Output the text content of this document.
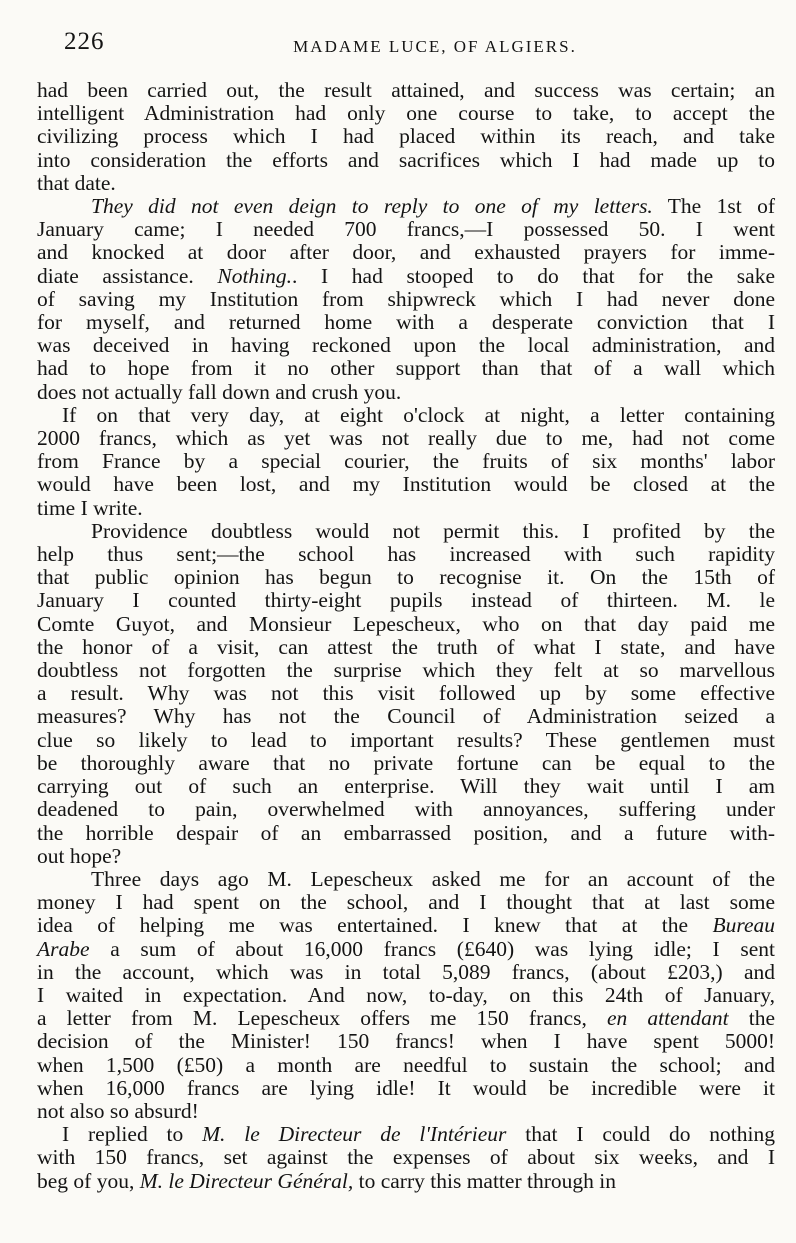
226	MADAME LUCE, OF ALGIERS.

had been carried out, the result attained, and success was certain; an
intelligent Administration had only one course to take, to accept the
civilizing process which I had placed within its reach, and take
into consideration the efforts and sacrifices which I had made up to
that date.

They did not even deign to reply to one of my letters. The 1st of
January came; I needed 700 francs,—I possessed 50. I went
and knocked at door after door, and exhausted prayers for imme-
diate assistance. Nothing.. I had stooped to do that for the sake
of saving my Institution from shipwreck which I had never done
for myself, and returned home with a desperate conviction that I
was deceived in having reckoned upon the local administration, and
had to hope from it no other support than that of a wall which
does not actually fall down and crush you.

If on that very day, at eight o'clock at night, a letter containing
2000 francs, which as yet was not really due to me, had not come
from France by a special courier, the fruits of six months' labor
would have been lost, and my Institution would be closed at the
time I write.

Providence doubtless would not permit this. I profited by the
help thus sent;—the school has increased with such rapidity
that public opinion has begun to recognise it. On the 15th of
January I counted thirty-eight pupils instead of thirteen. M. le
Comte Guyot, and Monsieur Lepescheux, who on that day paid me
the honor of a visit, can attest the truth of what I state, and have
doubtless not forgotten the surprise which they felt at so marvellous
a result. Why was not this visit followed up by some effective
measures? Why has not the Council of Administration seized a
clue so likely to lead to important results? These gentlemen must
be thoroughly aware that no private fortune can be equal to the
carrying out of such an enterprise. Will they wait until I am
deadened to pain, overwhelmed with annoyances, suffering under
the horrible despair of an embarrassed position, and a future with-
out hope?

Three days ago M. Lepescheux asked me for an account of the
money I had spent on the school, and I thought that at last some
idea of helping me was entertained. I knew that at the Bureau
Arabe a sum of about 16,000 francs (£640) was lying idle; I sent
in the account, which was in total 5,089 francs, (about £203,) and
I waited in expectation. And now, to-day, on this 24th of January,
a letter from M. Lepescheux offers me 150 francs, en attendant the
decision of the Minister! 150 francs! when I have spent 5000!
when 1,500 (£50) a month are needful to sustain the school; and
when 16,000 francs are lying idle! It would be incredible were it
not also so absurd!

I replied to M. le Directeur de l'Intérieur that I could do nothing
with 150 francs, set against the expenses of about six weeks, and I
beg of you, M. le Directeur Général, to carry this matter through in
